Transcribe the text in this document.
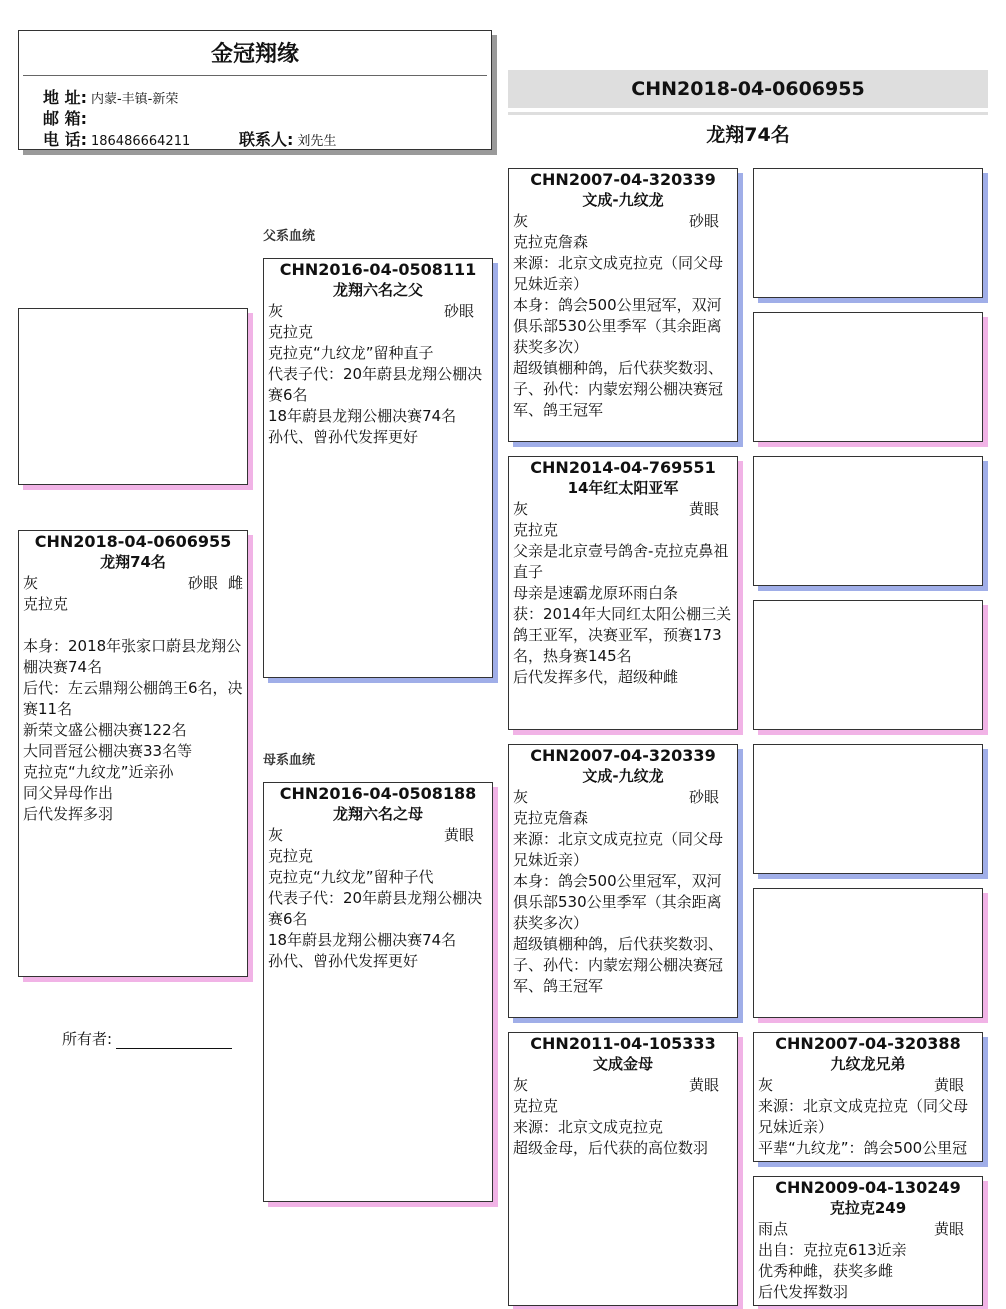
金冠翔缘
地 址: 内蒙-丰镇-新荣
邮 箱:
电 话: 186486664211	联系人: 刘先生
CHN2018-04-0606955
龙翔74名
父系血统
母系血统
CHN2018-04-0606955
龙翔74名
灰	砂眼 雌
克拉克
本身：2018年张家口蔚县龙翔公棚决赛74名
后代：左云鼎翔公棚鸽王6名，决赛11名
新荣文盛公棚决赛122名
大同晋冠公棚决赛33名等
克拉克“九纹龙”近亲孙
同父异母作出
后代发挥多羽
CHN2016-04-0508111
龙翔六名之父
灰	砂眼
克拉克
克拉克“九纹龙”留种直子
代表子代：20年蔚县龙翔公棚决赛6名
18年蔚县龙翔公棚决赛74名
孙代、曾孙代发挥更好
CHN2016-04-0508188
龙翔六名之母
灰	黄眼
克拉克
克拉克“九纹龙”留种子代
代表子代：20年蔚县龙翔公棚决赛6名
18年蔚县龙翔公棚决赛74名
孙代、曾孙代发挥更好
CHN2007-04-320339
文成-九纹龙
灰	砂眼
克拉克詹森
来源：北京文成克拉克（同父母兄妹近亲）
本身：鸽会500公里冠军，双河俱乐部530公里季军（其余距离获奖多次）
超级镇棚种鸽，后代获奖数羽、
子、孙代：内蒙宏翔公棚决赛冠军、鸽王冠军
CHN2014-04-769551
14年红太阳亚军
灰	黄眼
克拉克
父亲是北京壹号鸽舍-克拉克鼻祖直子
母亲是速霸龙原环雨白条
获：2014年大同红太阳公棚三关鸽王亚军，决赛亚军，预赛173名，热身赛145名
后代发挥多代，超级种雌
CHN2007-04-320339
文成-九纹龙
灰	砂眼
克拉克詹森
来源：北京文成克拉克（同父母兄妹近亲）
本身：鸽会500公里冠军，双河俱乐部530公里季军（其余距离获奖多次）
超级镇棚种鸽，后代获奖数羽、
子、孙代：内蒙宏翔公棚决赛冠军、鸽王冠军
CHN2011-04-105333
文成金母
灰	黄眼
克拉克
来源：北京文成克拉克
超级金母，后代获的高位数羽
CHN2007-04-320388
九纹龙兄弟
灰	黄眼
来源：北京文成克拉克（同父母兄妹近亲）
平辈“九纹龙”：鸽会500公里冠
CHN2009-04-130249
克拉克249
雨点	黄眼
出自：克拉克613近亲
优秀种雌，获奖多雌
后代发挥数羽
所有者:
